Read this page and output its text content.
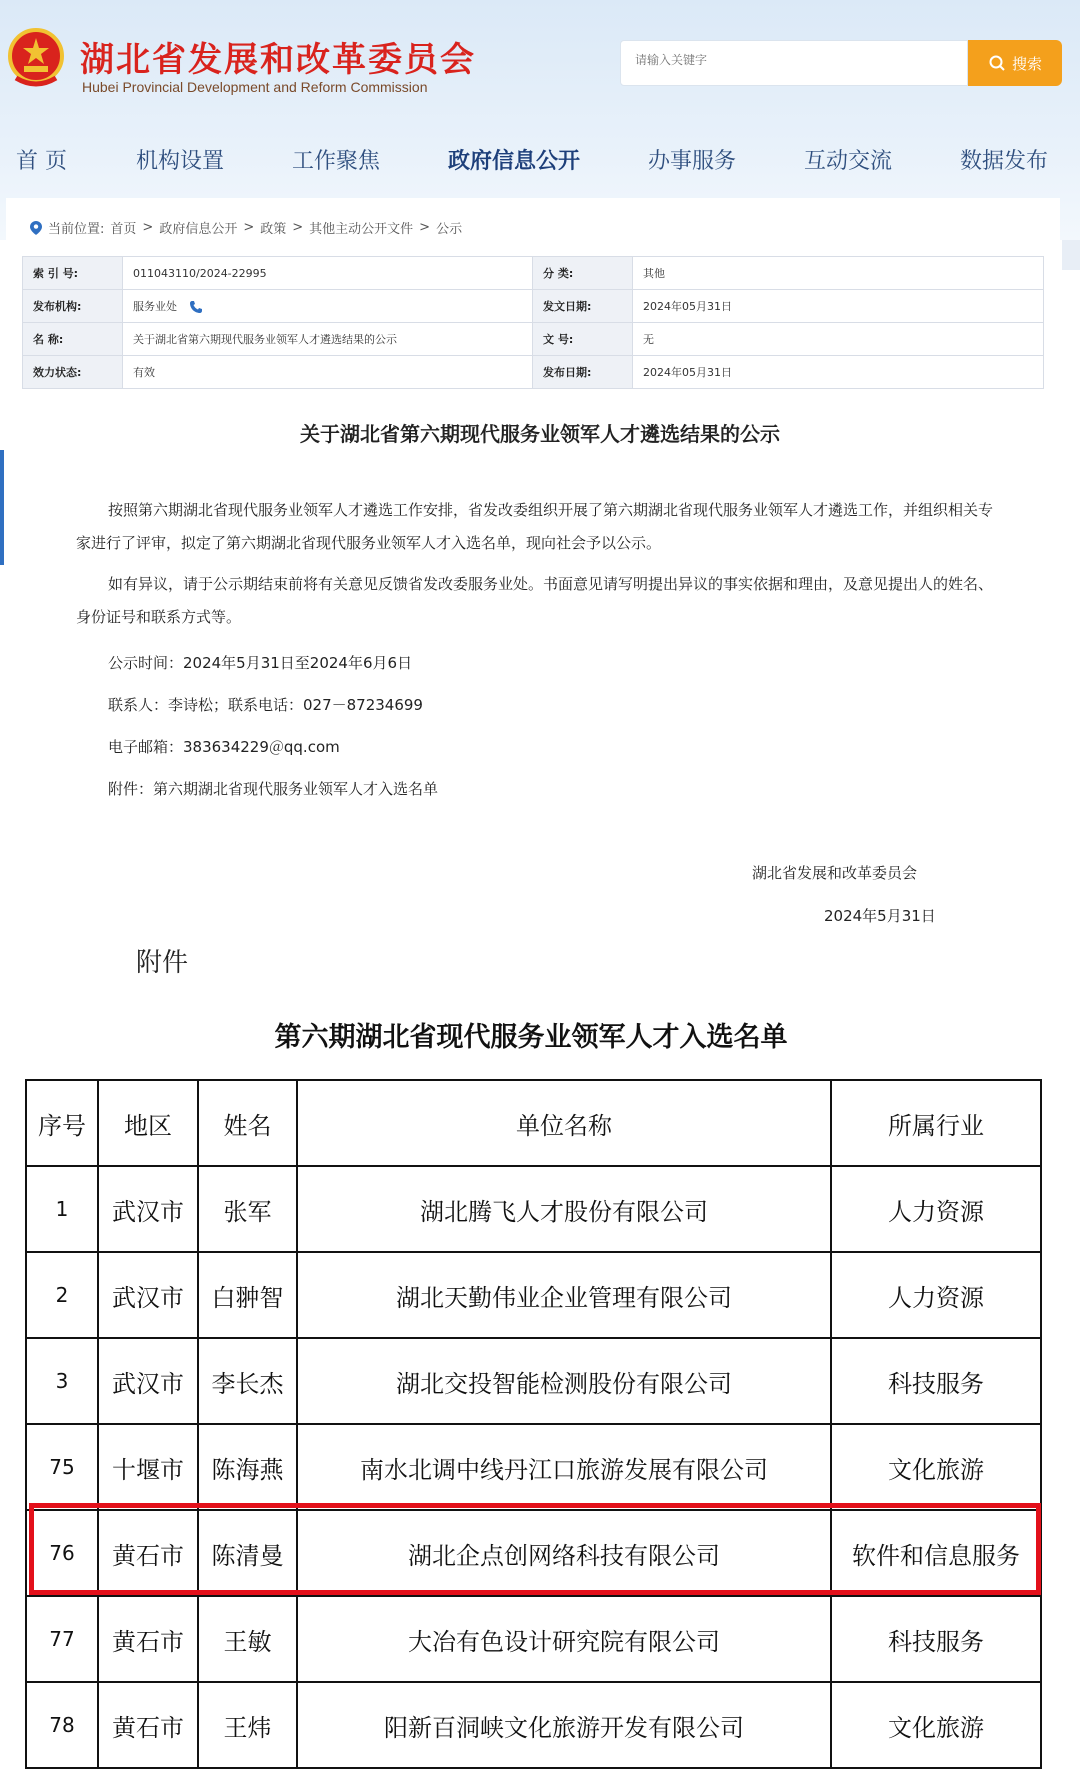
湖北省发展和改革委员会
Hubei Provincial Development and Reform Commission
请输入关键字
搜索
首 页	机构设置	工作聚焦	政府信息公开	办事服务	互动交流	数据发布
当前位置: 首页 > 政府信息公开 > 政策 > 其他主动公开文件 > 公示
索 引 号:	011043110/2024-22995	分 类:	其他
发布机构:	服务业处	发文日期:	2024年05月31日
名 称:	关于湖北省第六期现代服务业领军人才遴选结果的公示	文 号:	无
效力状态:	有效	发布日期:	2024年05月31日
关于湖北省第六期现代服务业领军人才遴选结果的公示
按照第六期湖北省现代服务业领军人才遴选工作安排，省发改委组织开展了第六期湖北省现代服务业领军人才遴选工作，并组织相关专家进行了评审，拟定了第六期湖北省现代服务业领军人才入选名单，现向社会予以公示。
如有异议，请于公示期结束前将有关意见反馈省发改委服务业处。书面意见请写明提出异议的事实依据和理由，及意见提出人的姓名、身份证号和联系方式等。
公示时间：2024年5月31日至2024年6月6日
联系人：李诗松；联系电话：027－87234699
电子邮箱：383634229＠qq.com
附件：第六期湖北省现代服务业领军人才入选名单
湖北省发展和改革委员会
2024年5月31日
附件
第六期湖北省现代服务业领军人才入选名单
序号	地区	姓名	单位名称	所属行业
1	武汉市	张军	湖北腾飞人才股份有限公司	人力资源
2	武汉市	白翀智	湖北天勤伟业企业管理有限公司	人力资源
3	武汉市	李长杰	湖北交投智能检测股份有限公司	科技服务
75	十堰市	陈海燕	南水北调中线丹江口旅游发展有限公司	文化旅游
76	黄石市	陈清曼	湖北企点创网络科技有限公司	软件和信息服务
77	黄石市	王敏	大冶有色设计研究院有限公司	科技服务
78	黄石市	王炜	阳新百洞峡文化旅游开发有限公司	文化旅游
